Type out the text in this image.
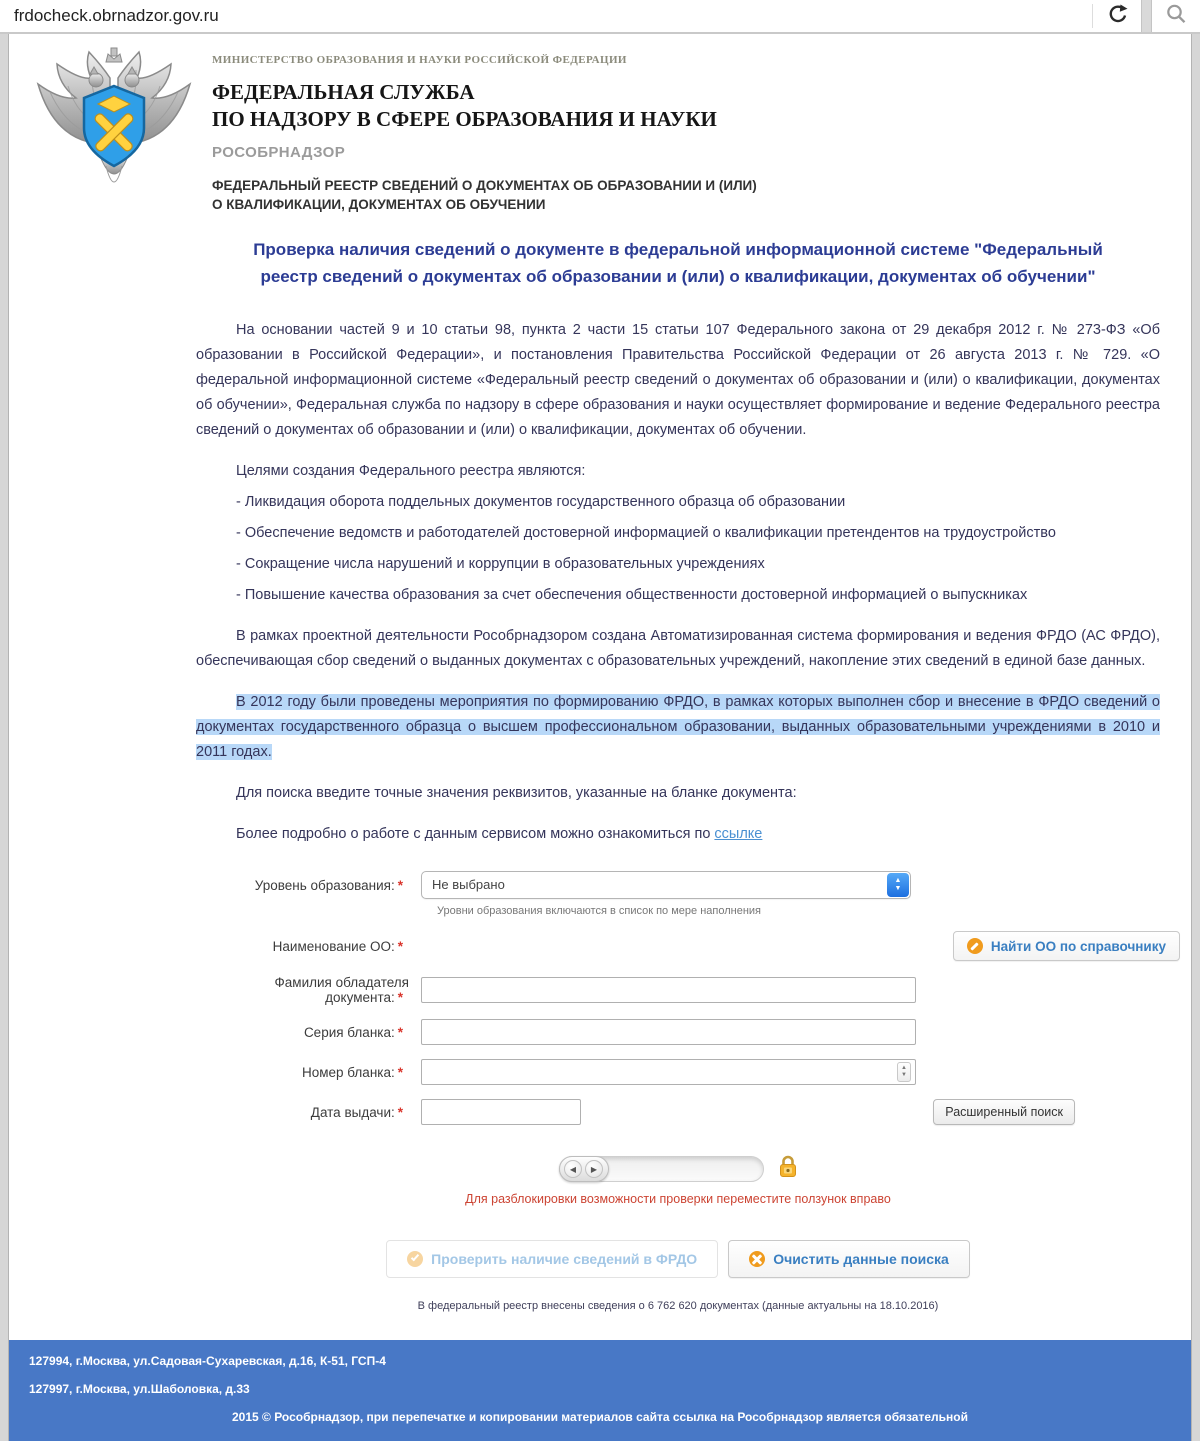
frdocheck.obrnadzor.gov.ru
МИНИСТЕРСТВО ОБРАЗОВАНИЯ И НАУКИ РОССИЙСКОЙ ФЕДЕРАЦИИ
ФЕДЕРАЛЬНАЯ СЛУЖБА
ПО НАДЗОРУ В СФЕРЕ ОБРАЗОВАНИЯ И НАУКИ
РОСОБРНАДЗОР
ФЕДЕРАЛЬНЫЙ РЕЕСТР СВЕДЕНИЙ О ДОКУМЕНТАХ ОБ ОБРАЗОВАНИИ И (ИЛИ)
О КВАЛИФИКАЦИИ, ДОКУМЕНТАХ ОБ ОБУЧЕНИИ
Проверка наличия сведений о документе в федеральной информационной системе "Федеральный реестр сведений о документах об образовании и (или) о квалификации, документах об обучении"

На основании частей 9 и 10 статьи 98, пункта 2 части 15 статьи 107 Федерального закона от 29 декабря 2012 г. № 273-ФЗ «Об образовании в Российской Федерации», и постановления Правительства Российской Федерации от 26 августа 2013 г. № 729. «О федеральной информационной системе «Федеральный реестр сведений о документах об образовании и (или) о квалификации, документах об обучении», Федеральная служба по надзору в сфере образования и науки осуществляет формирование и ведение Федерального реестра сведений о документах об образовании и (или) о квалификации, документах об обучении.

Целями создания Федерального реестра являются:

- Ликвидация оборота поддельных документов государственного образца об образовании
- Обеспечение ведомств и работодателей достоверной информацией о квалификации претендентов на трудоустройство
- Сокращение числа нарушений и коррупции в образовательных учреждениях
- Повышение качества образования за счет обеспечения общественности достоверной информацией о выпускниках

В рамках проектной деятельности Рособрнадзором создана Автоматизированная система формирования и ведения ФРДО (АС ФРДО), обеспечивающая сбор сведений о выданных документах с образовательных учреждений, накопление этих сведений в единой базе данных.

В 2012 году были проведены мероприятия по формированию ФРДО, в рамках которых выполнен сбор и внесение в ФРДО сведений о документах государственного образца о высшем профессиональном образовании, выданных образовательными учреждениями в 2010 и 2011 годах.

Для поиска введите точные значения реквизитов, указанные на бланке документа:

Более подробно о работе с данным сервисом можно ознакомиться по ссылке

Уровень образования: *	Не выбрано	▲
▼
Уровни образования включаются в список по мере наполнения
Наименование ОО: *	Найти ОО по справочнику
Фамилия обладателя документа: *
Серия бланка: *
Номер бланка: *	▲
▼
Дата выдачи: *	Расширенный поиск
◀	▶
Для разблокировки возможности проверки переместите ползунок вправо
Проверить наличие сведений в ФРДО	Очистить данные поиска
В федеральный реестр внесены сведения о 6 762 620 документах (данные актуальны на 18.10.2016)
127994, г.Москва, ул.Садовая-Сухаревская, д.16, К-51, ГСП-4
127997, г.Москва, ул.Шаболовка, д.33
2015 © Рособрнадзор, при перепечатке и копировании материалов сайта ссылка на Рособрнадзор является обязательной
